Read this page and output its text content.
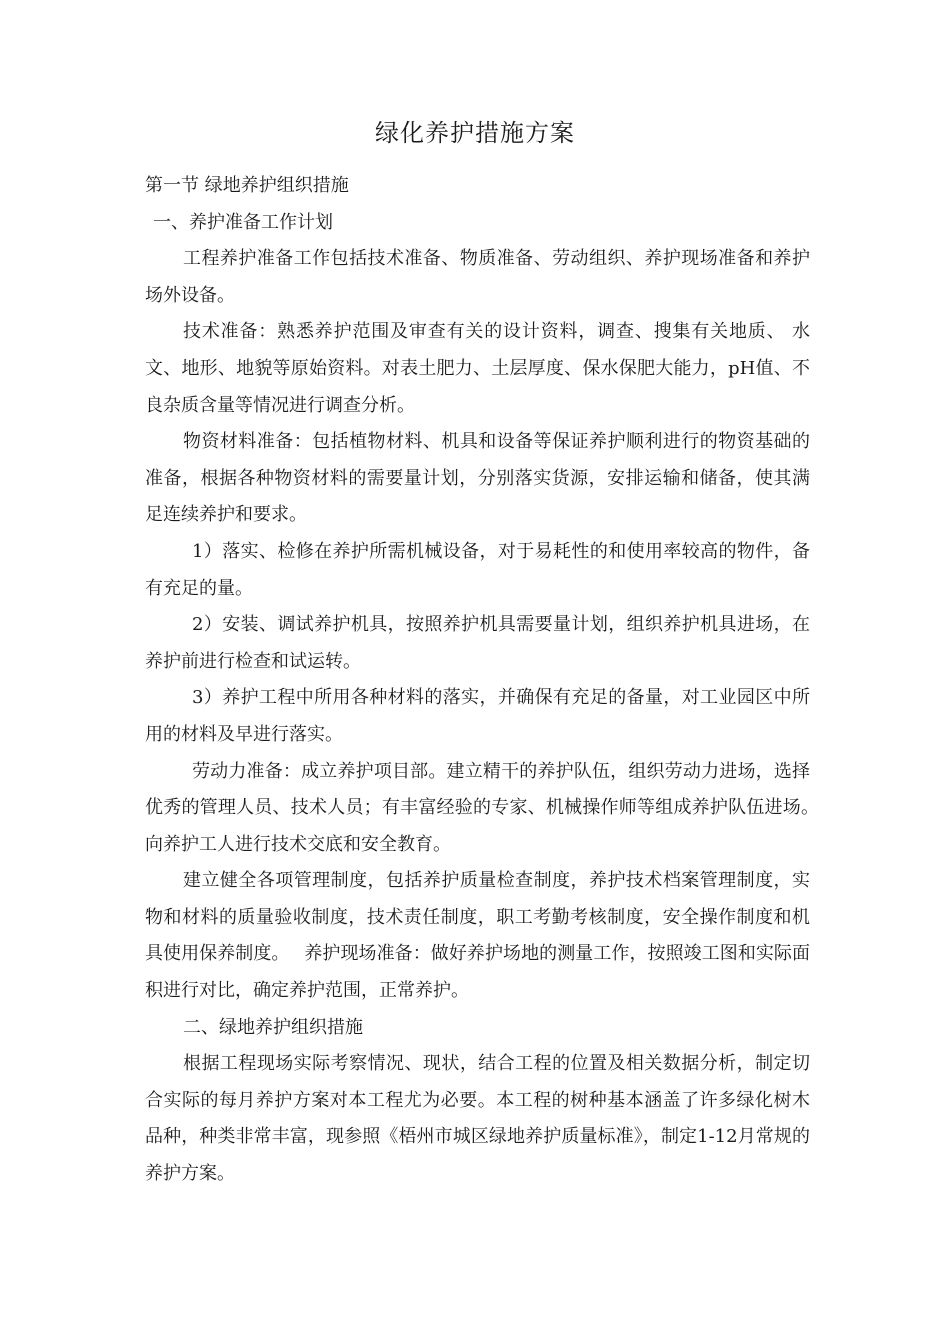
绿化养护措施方案

第一节 绿地养护组织措施

一、养护准备工作计划

工程养护准备工作包括技术准备、物质准备、劳动组织、养护现场准备和养护场外设备。

技术准备：熟悉养护范围及审查有关的设计资料，调查、搜集有关地质、 水文、地形、地貌等原始资料。对表土肥力、土层厚度、保水保肥大能力，pH值、不良杂质含量等情况进行调查分析。

物资材料准备：包括植物材料、机具和设备等保证养护顺利进行的物资基础的准备，根据各种物资材料的需要量计划，分别落实货源，安排运输和储备，使其满足连续养护和要求。

1）落实、检修在养护所需机械设备，对于易耗性的和使用率较高的物件，备有充足的量。

2）安装、调试养护机具，按照养护机具需要量计划，组织养护机具进场，在养护前进行检查和试运转。

3）养护工程中所用各种材料的落实，并确保有充足的备量，对工业园区中所用的材料及早进行落实。

劳动力准备：成立养护项目部。建立精干的养护队伍，组织劳动力进场，选择优秀的管理人员、技术人员；有丰富经验的专家、机械操作师等组成养护队伍进场。　 向养护工人进行技术交底和安全教育。

建立健全各项管理制度，包括养护质量检查制度，养护技术档案管理制度，实物和材料的质量验收制度，技术责任制度，职工考勤考核制度，安全操作制度和机具使用保养制度。　 养护现场准备：做好养护场地的测量工作，按照竣工图和实际面积进行对比，确定养护范围，正常养护。

二、绿地养护组织措施

根据工程现场实际考察情况、现状，结合工程的位置及相关数据分析，制定切合实际的每月养护方案对本工程尤为必要。本工程的树种基本涵盖了许多绿化树木品种，种类非常丰富，现参照《梧州市城区绿地养护质量标准》，制定1-12月常规的养护方案。
